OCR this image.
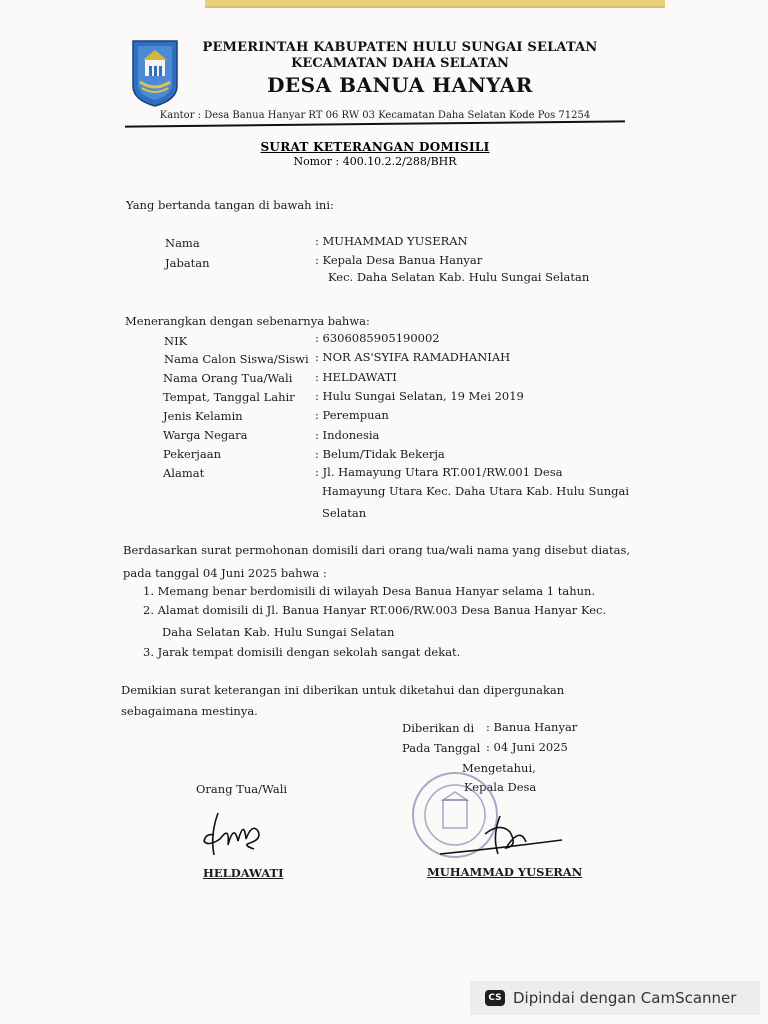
PEMERINTAH KABUPATEN HULU SUNGAI SELATAN
KECAMATAN DAHA SELATAN
DESA BANUA HANYAR
Kantor : Desa Banua Hanyar RT 06 RW 03 Kecamatan Daha Selatan Kode Pos 71254
SURAT KETERANGAN DOMISILI
Nomor : 400.10.2.2/288/BHR
Yang bertanda tangan di bawah ini:
Nama	: MUHAMMAD YUSERAN
Jabatan	: Kepala Desa Banua Hanyar
Kec. Daha Selatan Kab. Hulu Sungai Selatan
Menerangkan dengan sebenarnya bahwa:
NIK	: 6306085905190002
Nama Calon Siswa/Siswi : NOR AS'SYIFA RAMADHANIAH
Nama Orang Tua/Wali : HELDAWATI
Tempat, Tanggal Lahir : Hulu Sungai Selatan, 19 Mei 2019
Jenis Kelamin	: Perempuan
Warga Negara	: Indonesia
Pekerjaan	: Belum/Tidak Bekerja
Alamat	: Jl. Hamayung Utara RT.001/RW.001 Desa
Hamayung Utara Kec. Daha Utara Kab. Hulu Sungai
Selatan
Berdasarkan surat permohonan domisili dari orang tua/wali nama yang disebut diatas,
pada tanggal 04 Juni 2025 bahwa :
1. Memang benar berdomisili di wilayah Desa Banua Hanyar selama 1 tahun.
2. Alamat domisili di Jl. Banua Hanyar RT.006/RW.003 Desa Banua Hanyar Kec.
Daha Selatan Kab. Hulu Sungai Selatan
3. Jarak tempat domisili dengan sekolah sangat dekat.
Demikian surat keterangan ini diberikan untuk diketahui dan dipergunakan
sebagaimana mestinya.
Diberikan di : Banua Hanyar
Pada Tanggal : 04 Juni 2025
Mengetahui,
Kepala Desa
Orang Tua/Wali
HELDAWATI	MUHAMMAD YUSERAN
CS Dipindai dengan CamScanner
